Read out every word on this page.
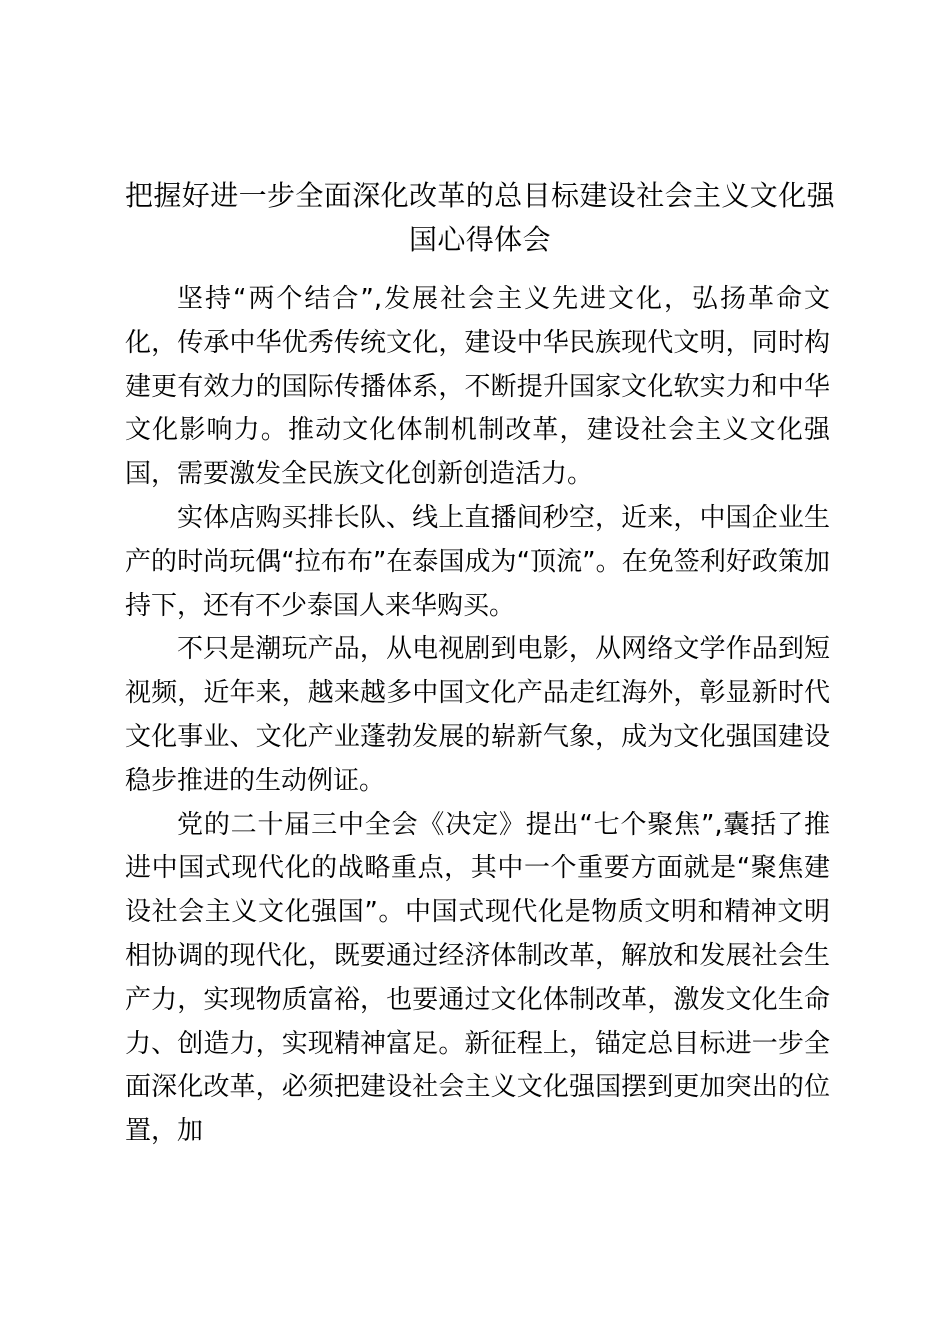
把握好进一步全面深化改革的总目标建设社会主义文化强国心得体会

坚持“两个结合”,发展社会主义先进文化，弘扬革命文化，传承中华优秀传统文化，建设中华民族现代文明，同时构建更有效力的国际传播体系，不断提升国家文化软实力和中华文化影响力。推动文化体制机制改革，建设社会主义文化强国，需要激发全民族文化创新创造活力。

实体店购买排长队、线上直播间秒空，近来，中国企业生产的时尚玩偶“拉布布”在泰国成为“顶流”。在免签利好政策加持下，还有不少泰国人来华购买。

不只是潮玩产品，从电视剧到电影，从网络文学作品到短视频，近年来，越来越多中国文化产品走红海外，彰显新时代文化事业、文化产业蓬勃发展的崭新气象，成为文化强国建设稳步推进的生动例证。

党的二十届三中全会《决定》提出“七个聚焦”,囊括了推进中国式现代化的战略重点，其中一个重要方面就是“聚焦建设社会主义文化强国”。中国式现代化是物质文明和精神文明相协调的现代化，既要通过经济体制改革，解放和发展社会生产力，实现物质富裕，也要通过文化体制改革，激发文化生命力、创造力，实现精神富足。新征程上，锚定总目标进一步全面深化改革，必须把建设社会主义文化强国摆到更加突出的位置，加
